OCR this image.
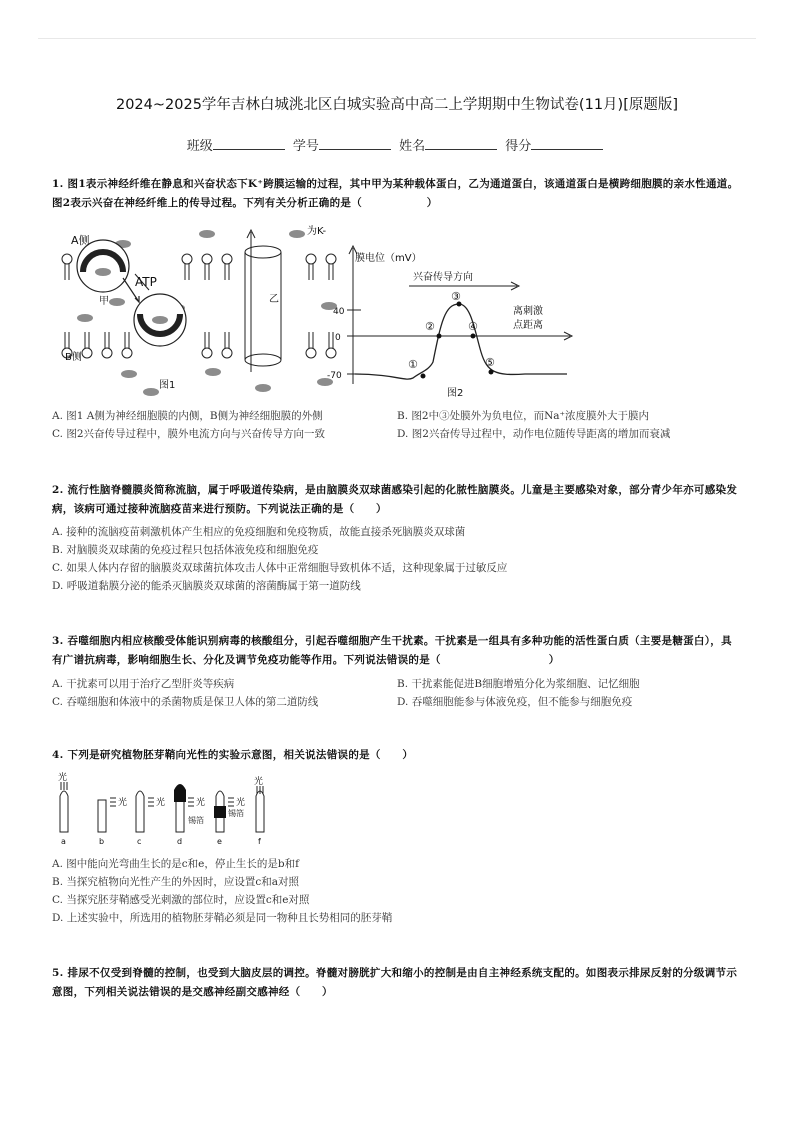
2024~2025学年吉林白城洮北区白城实验高中高二上学期期中生物试卷(11月)[原题版]
班级	学号	姓名	得分
1. 图1表示神经纤维在静息和兴奋状态下K⁺跨膜运输的过程，其中甲为某种载体蛋白，乙为通道蛋白，该通道蛋白是横跨细胞膜的亲水性通道。图2表示兴奋在神经纤维上的传导过程。下列有关分析正确的是（　　　　　　）
A侧
B侧
ATP
甲	乙
为K-
图1
膜电位（mV）
兴奋传导方向
离刺激
点距离
40
0
-70
①
②
③
④
⑤
图2
A. 图1 A侧为神经细胞膜的内侧，B侧为神经细胞膜的外侧	B. 图2中③处膜外为负电位，而Na⁺浓度膜外大于膜内
C. 图2兴奋传导过程中，膜外电流方向与兴奋传导方向一致	D. 图2兴奋传导过程中，动作电位随传导距离的增加而衰减
2. 流行性脑脊髓膜炎简称流脑，属于呼吸道传染病，是由脑膜炎双球菌感染引起的化脓性脑膜炎。儿童是主要感染对象，部分青少年亦可感染发病，该病可通过接种流脑疫苗来进行预防。下列说法正确的是（　　）
A. 接种的流脑疫苗刺激机体产生相应的免疫细胞和免疫物质，故能直接杀死脑膜炎双球菌
B. 对脑膜炎双球菌的免疫过程只包括体液免疫和细胞免疫
C. 如果人体内存留的脑膜炎双球菌抗体攻击人体中正常细胞导致机体不适，这种现象属于过敏反应
D. 呼吸道黏膜分泌的能杀灭脑膜炎双球菌的溶菌酶属于第一道防线
3. 吞噬细胞内相应核酸受体能识别病毒的核酸组分，引起吞噬细胞产生干扰素。干扰素是一组具有多种功能的活性蛋白质（主要是糖蛋白），具有广谱抗病毒，影响细胞生长、分化及调节免疫功能等作用。下列说法错误的是（　　　　　　　　　　）
A. 干扰素可以用于治疗乙型肝炎等疾病	B. 干扰素能促进B细胞增殖分化为浆细胞、记忆细胞
C. 吞噬细胞和体液中的杀菌物质是保卫人体的第二道防线	D. 吞噬细胞能参与体液免疫，但不能参与细胞免疫
4. 下列是研究植物胚芽鞘向光性的实验示意图，相关说法错误的是（　　）
光
光	光	光	光
光
锡箔
锡箔
a	b	c	d	e	f
A. 图中能向光弯曲生长的是c和e，停止生长的是b和f
B. 当探究植物向光性产生的外因时，应设置c和a对照
C. 当探究胚芽鞘感受光刺激的部位时，应设置c和e对照
D. 上述实验中，所选用的植物胚芽鞘必须是同一物种且长势相同的胚芽鞘
5. 排尿不仅受到脊髓的控制，也受到大脑皮层的调控。脊髓对膀胱扩大和缩小的控制是由自主神经系统支配的。如图表示排尿反射的分级调节示意图，下列相关说法错误的是交感神经副交感神经（　　）
